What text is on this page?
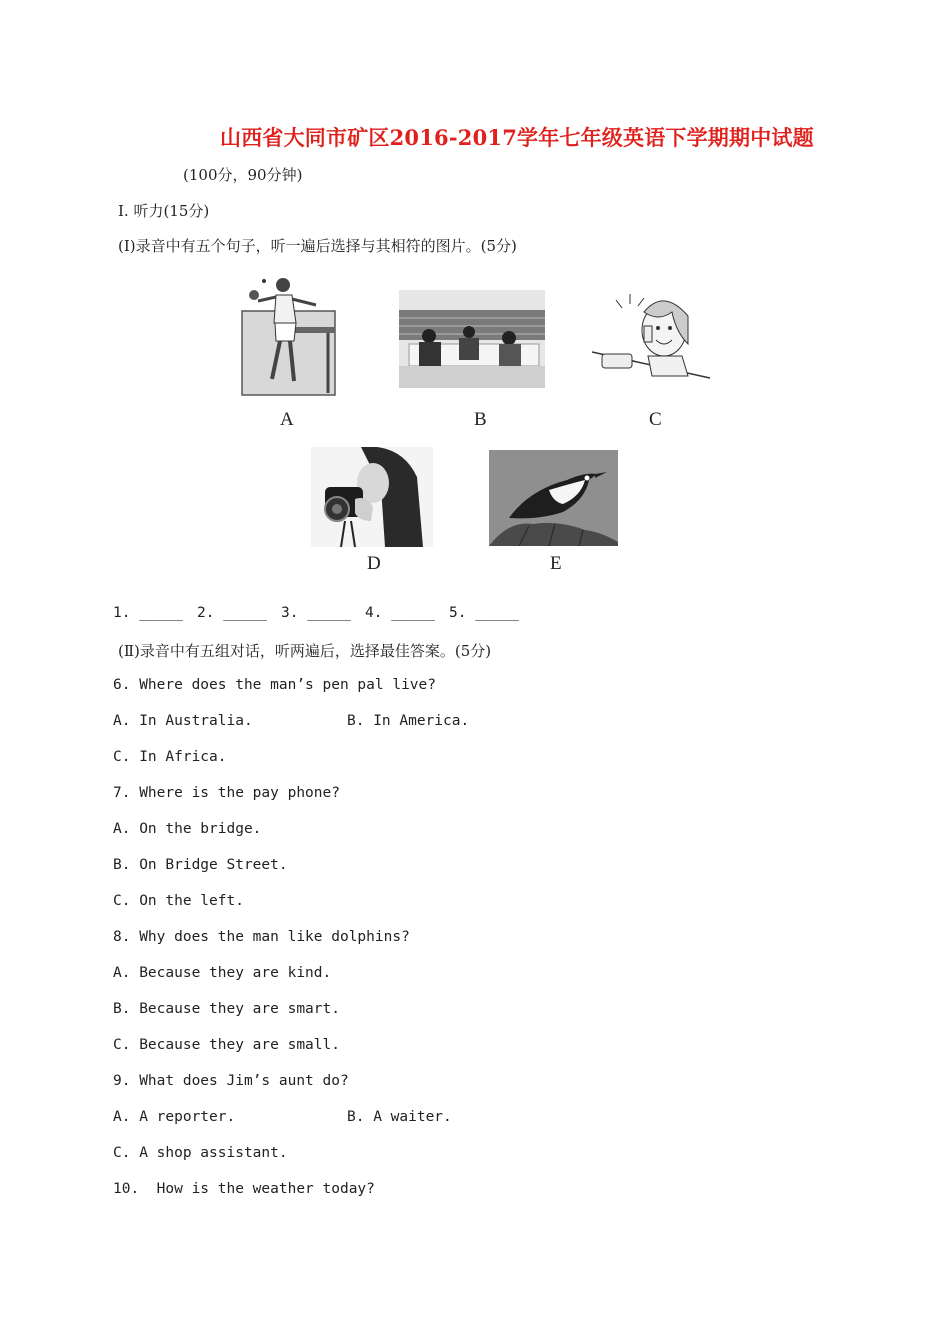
山西省大同市矿区2016-2017学年七年级英语下学期期中试题
(100分，90分钟)
Ⅰ. 听力(15分)
(Ⅰ)录音中有五个句子，听一遍后选择与其相符的图片。(5分)
A	B	C
D	E
1. _____ 2. _____ 3. _____ 4. _____ 5. _____
(Ⅱ)录音中有五组对话，听两遍后，选择最佳答案。(5分)
6. Where does the man’s pen pal live?
A. In Australia.	B. In America.
C. In Africa.
7. Where is the pay phone?
A. On the bridge.
B. On Bridge Street.
C. On the left.
8. Why does the man like dolphins?
A. Because they are kind.
B. Because they are smart.
C. Because they are small.
9. What does Jim’s aunt do?
A. A reporter.	B. A waiter.
C. A shop assistant.
10.  How is the weather today?
